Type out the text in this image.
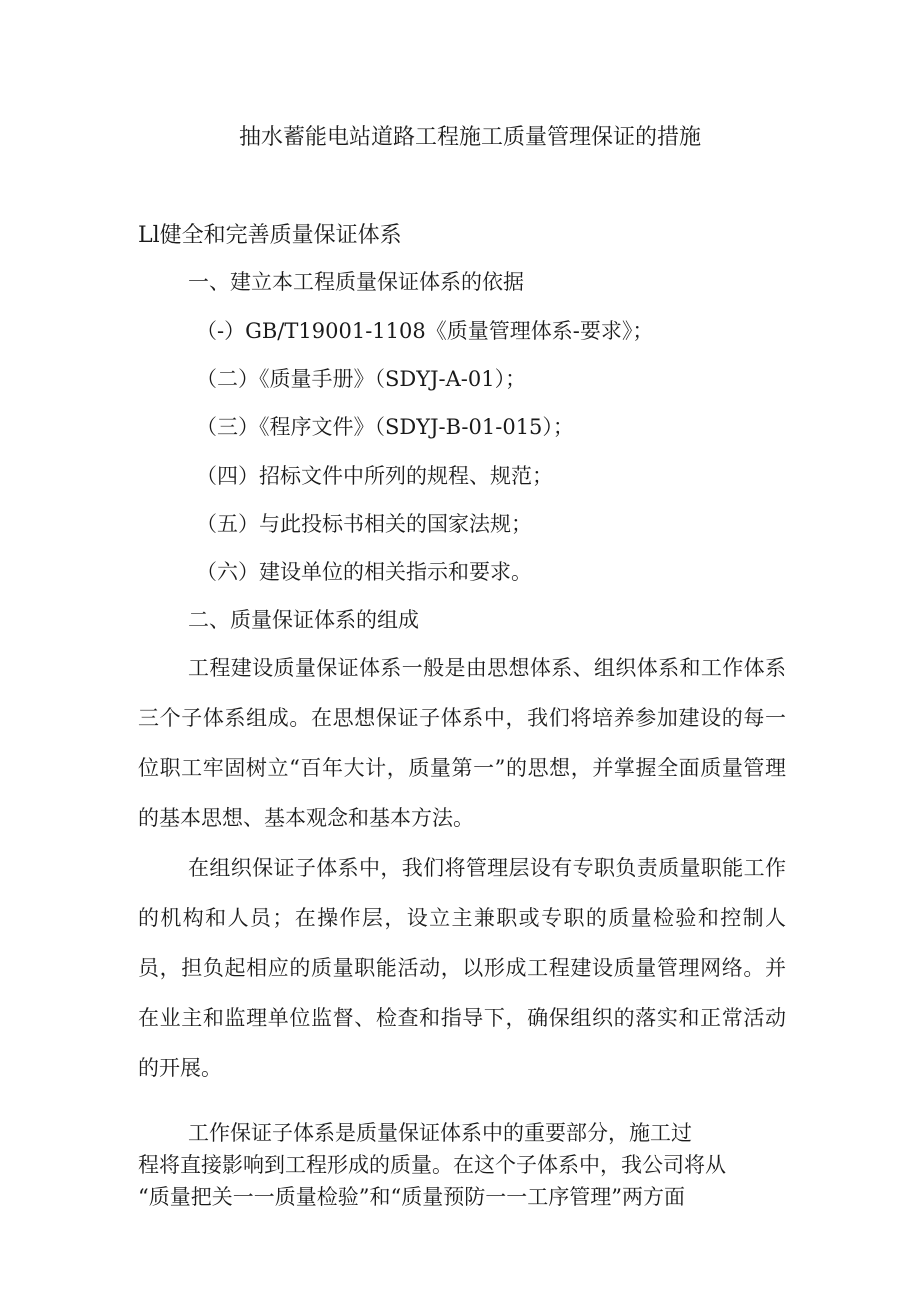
抽水蓄能电站道路工程施工质量管理保证的措施
Ll健全和完善质量保证体系
一、建立本工程质量保证体系的依据
（-）GB/T19001-1108《质量管理体系-要求》；
（二）《质量手册》（SDYJ-A-01）；
（三）《程序文件》（SDYJ-B-01-015）；
（四）招标文件中所列的规程、规范；
（五）与此投标书相关的国家法规；
（六）建设单位的相关指示和要求。
二、质量保证体系的组成
工程建设质量保证体系一般是由思想体系、组织体系和工作体系三个子体系组成。在思想保证子体系中，我们将培养参加建设的每一位职工牢固树立“百年大计，质量第一”的思想，并掌握全面质量管理的基本思想、基本观念和基本方法。
在组织保证子体系中，我们将管理层设有专职负责质量职能工作的机构和人员；在操作层，设立主兼职或专职的质量检验和控制人员，担负起相应的质量职能活动，以形成工程建设质量管理网络。并在业主和监理单位监督、检查和指导下，确保组织的落实和正常活动的开展。
工作保证子体系是质量保证体系中的重要部分，施工过
程将直接影响到工程形成的质量。在这个子体系中，我公司将从
“质量把关一一质量检验”和“质量预防一一工序管理”两方面
